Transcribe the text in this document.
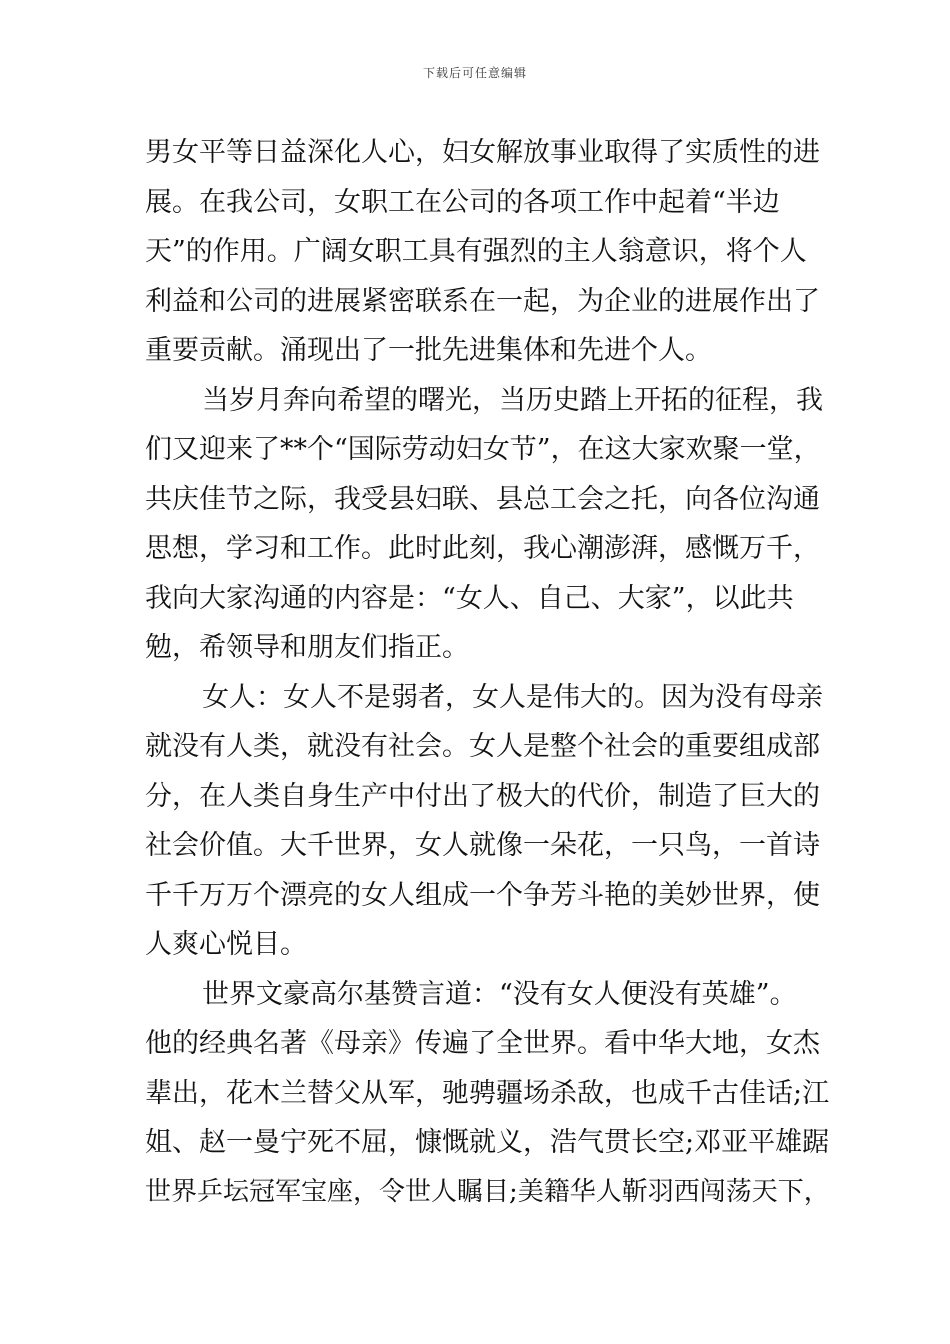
下载后可任意编辑
男女平等日益深化人心，妇女解放事业取得了实质性的进
展。在我公司，女职工在公司的各项工作中起着“半边
天”的作用。广阔女职工具有强烈的主人翁意识，将个人
利益和公司的进展紧密联系在一起，为企业的进展作出了
重要贡献。涌现出了一批先进集体和先进个人。
当岁月奔向希望的曙光，当历史踏上开拓的征程，我
们又迎来了**个“国际劳动妇女节”，在这大家欢聚一堂，
共庆佳节之际，我受县妇联、县总工会之托，向各位沟通
思想，学习和工作。此时此刻，我心潮澎湃，感慨万千，
我向大家沟通的内容是：“女人、自己、大家”，以此共
勉，希领导和朋友们指正。
女人：女人不是弱者，女人是伟大的。因为没有母亲
就没有人类，就没有社会。女人是整个社会的重要组成部
分，在人类自身生产中付出了极大的代价，制造了巨大的
社会价值。大千世界，女人就像一朵花，一只鸟，一首诗
千千万万个漂亮的女人组成一个争芳斗艳的美妙世界，使
人爽心悦目。
世界文豪高尔基赞言道：“没有女人便没有英雄”。
他的经典名著《母亲》传遍了全世界。看中华大地，女杰
辈出，花木兰替父从军，驰骋疆场杀敌，也成千古佳话;江
姐、赵一曼宁死不屈，慷慨就义，浩气贯长空;邓亚平雄踞
世界乒坛冠军宝座，令世人瞩目;美籍华人靳羽西闯荡天下，
